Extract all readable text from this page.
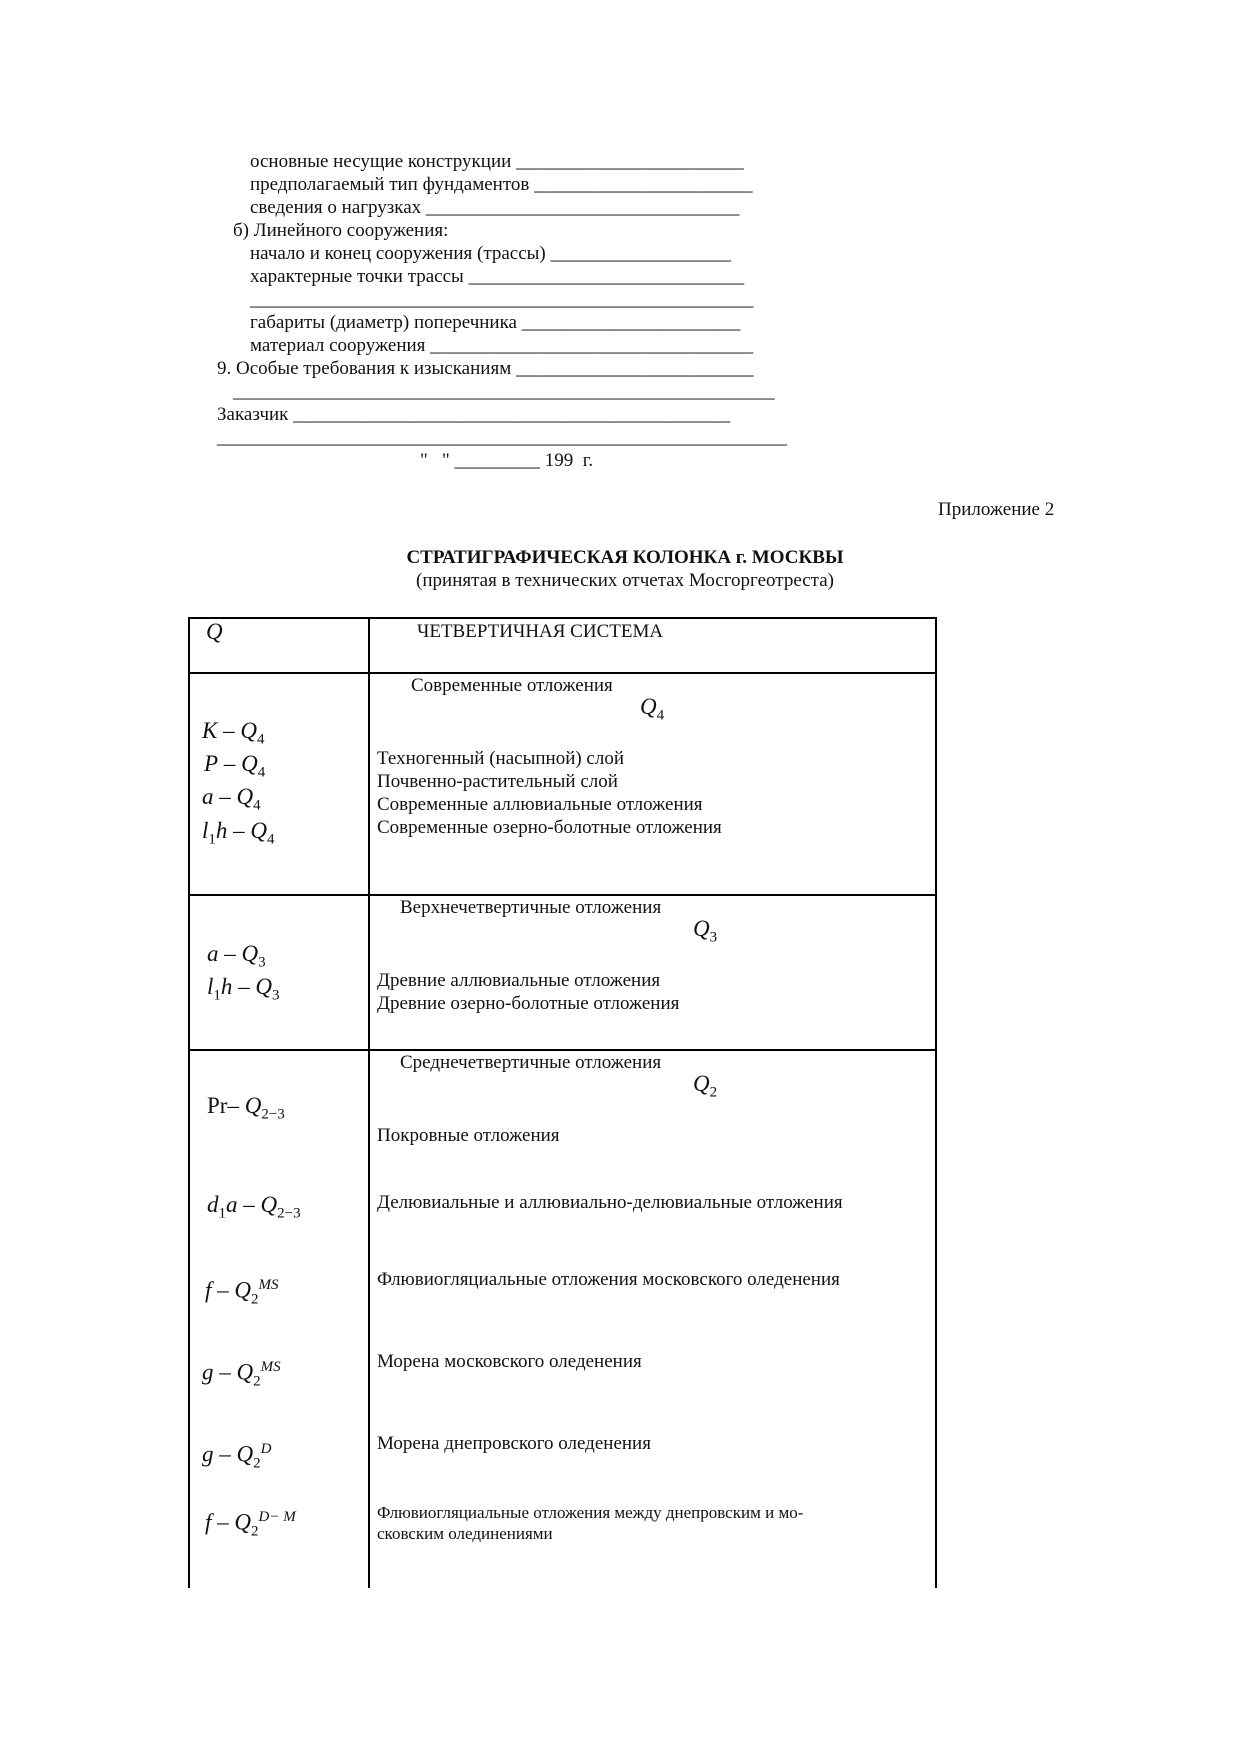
основные несущие конструкции ________________________
предполагаемый тип фундаментов _______________________
сведения о нагрузках _________________________________
б) Линейного сооружения:
начало и конец сооружения (трассы) ___________________
характерные точки трассы _____________________________
_____________________________________________________
габариты (диаметр) поперечника _______________________
материал сооружения __________________________________
9. Особые требования к изысканиям _________________________
_________________________________________________________
Заказчик ______________________________________________
____________________________________________________________
"   " _________ 199  г.
Приложение 2
СТРАТИГРАФИЧЕСКАЯ КОЛОНКА г. МОСКВЫ
(принятая в технических отчетах Мосгоргеотреста)
Q	ЧЕТВЕРТИЧНАЯ СИСТЕМА
Современные отложения
$Q_4$
Техногенный (насыпной) слой
Почвенно-растительный слой
Современные аллювиальные отложения
Современные озерно-болотные отложения
K – $Q_4$
P – $Q_4$
a – $Q_4$
$l_1h - Q_4$
Верхнечетвертичные отложения
$Q_3$
Древние аллювиальные отложения
Древние озерно-болотные отложения
a – $Q_3$
$l_1h - Q_3$
Среднечетвертичные отложения
$Q_2$
Покровные отложения
Делювиальные и аллювиально-делювиальные отложения
Флювиогляциальные отложения московского оледенения
Морена московского оледенения
Морена днепровского оледенения
Флювиогляциальные отложения между днепровским и мо-
сковским олединениями
Pr– $Q_{2-3}$
$d_1a - Q_{2-3}$
f – $Q_2^{MS}$
g – $Q_2^{MS}$
g – $Q_2^D$
f – $Q_2^{D- M}$
